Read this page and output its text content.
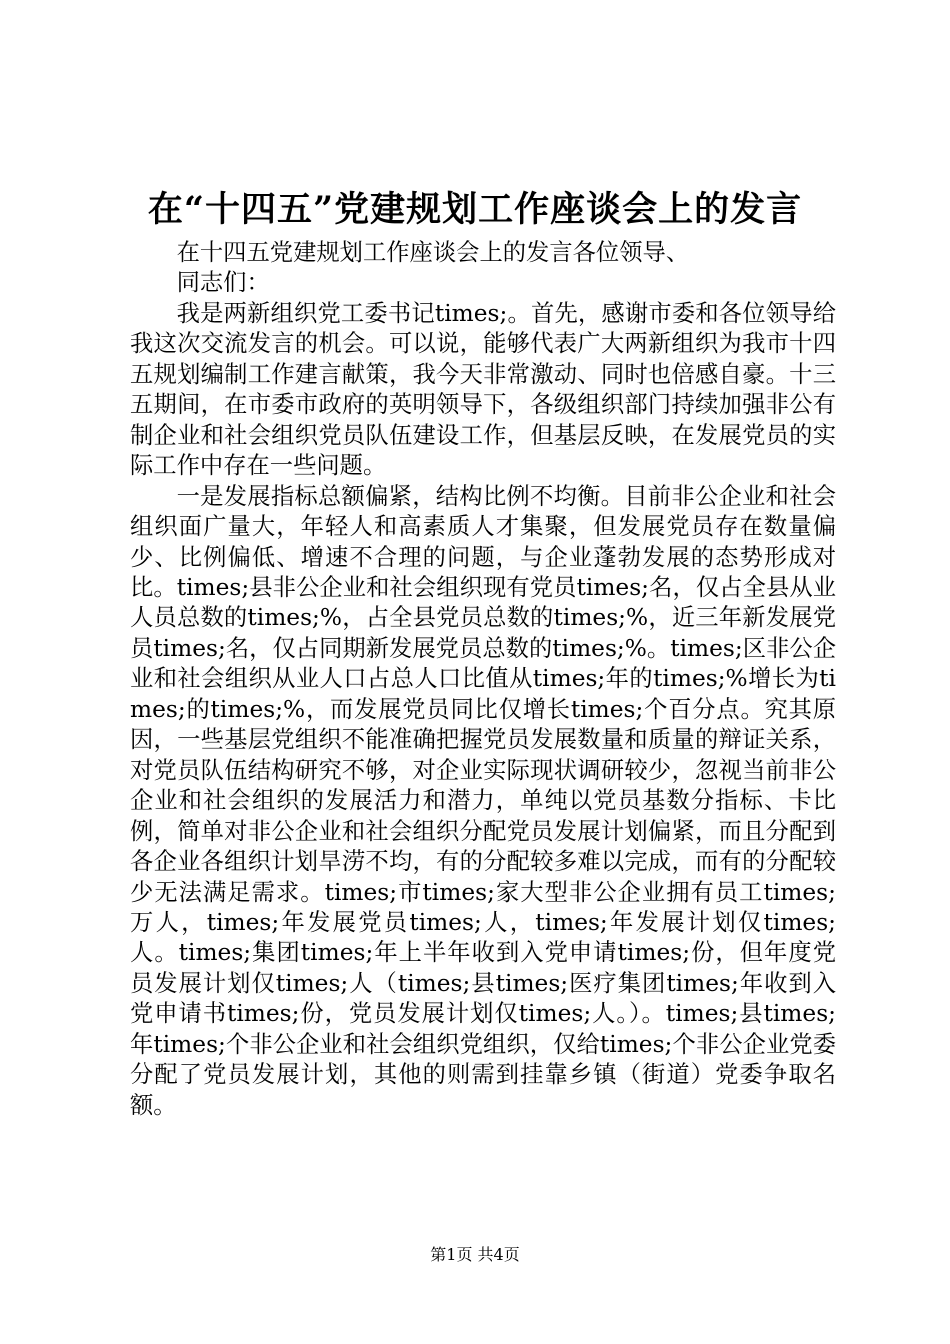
在“十四五”党建规划工作座谈会上的发言

在十四五党建规划工作座谈会上的发言各位领导、

同志们：

我是两新组织党工委书记times;。首先，感谢市委和各位领导给我这次交流发言的机会。可以说，能够代表广大两新组织为我市十四五规划编制工作建言献策，我今天非常激动、同时也倍感自豪。十三五期间，在市委市政府的英明领导下，各级组织部门持续加强非公有制企业和社会组织党员队伍建设工作，但基层反映，在发展党员的实际工作中存在一些问题。

一是发展指标总额偏紧，结构比例不均衡。目前非公企业和社会组织面广量大，年轻人和高素质人才集聚，但发展党员存在数量偏少、比例偏低、增速不合理的问题，与企业蓬勃发展的态势形成对比。times;县非公企业和社会组织现有党员times;名，仅占全县从业人员总数的times;%，占全县党员总数的times;%，近三年新发展党员times;名，仅占同期新发展党员总数的times;%。times;区非公企业和社会组织从业人口占总人口比值从times;年的times;%增长为times;的times;%，而发展党员同比仅增长times;个百分点。究其原因，一些基层党组织不能准确把握党员发展数量和质量的辩证关系，对党员队伍结构研究不够，对企业实际现状调研较少，忽视当前非公企业和社会组织的发展活力和潜力，单纯以党员基数分指标、卡比例，简单对非公企业和社会组织分配党员发展计划偏紧，而且分配到各企业各组织计划旱涝不均，有的分配较多难以完成，而有的分配较少无法满足需求。times;市times;家大型非公企业拥有员工times;万人，times;年发展党员times;人，times;年发展计划仅times;人。times;集团times;年上半年收到入党申请times;份，但年度党员发展计划仅times;人（times;县times;医疗集团times;年收到入党申请书times;份，党员发展计划仅times;人。）。times;县times;年times;个非公企业和社会组织党组织，仅给times;个非公企业党委分配了党员发展计划，其他的则需到挂靠乡镇（街道）党委争取名额。

第1页 共4页
